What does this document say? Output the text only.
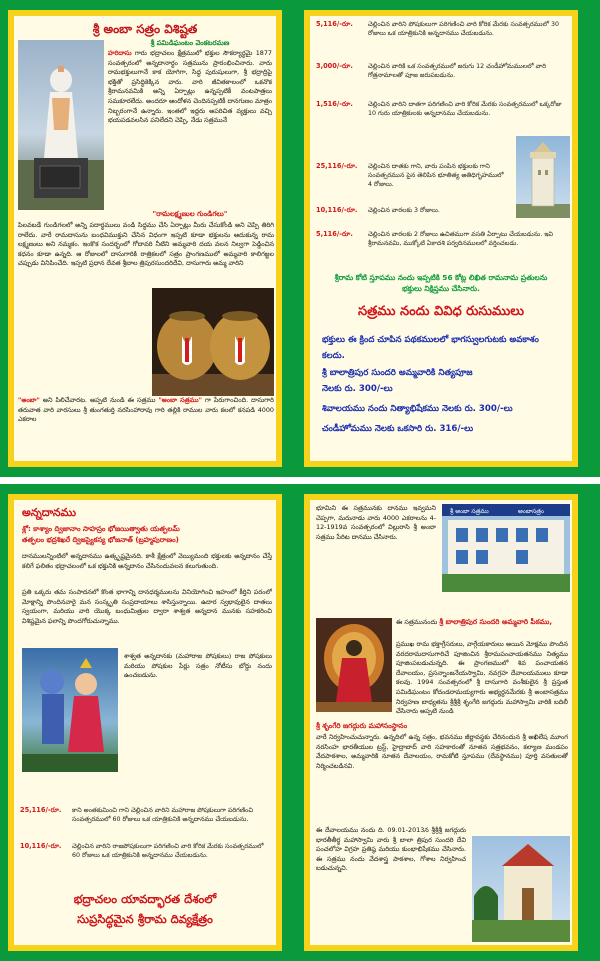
శ్రీ అంబా సత్రం విశిష్టత
శ్రీ పమిడిఘంటం వెంకటరమణ
హరిదాసు గారు భద్రాచలం క్షేత్రములో భక్తుల సౌకర్యార్థమై 1877 సంవత్సరంలో అన్నదానార్థం సత్రమును ప్రారంభించినారు. వారు రామభక్తులుగానే కాక యోగిగా, సిద్ధ పురుషులుగా, శ్రీ భద్రాద్రిపై భక్తితో ప్రసిద్ధికెక్కిన వారు. వారి జీవితకాలంలో ఒకనొక శ్రీరామనవమికి అన్ని ఏర్పాట్లు ఉన్నప్పటికీ వంటపాత్రలు సమకూరలేదు. అందరూ ఆందోళన చెందినప్పటికీ దానగుణం మాత్రం నిబ్బరంగానే ఉన్నారు. ఇంతలో ఇద్దరు అపరిచిత వ్యక్తులు వచ్చి భయపడవలసిన పనిలేదని చెప్పి, నేడు సత్రమునే
"రామలక్ష్మణుల గుండిగలు"
పిలవబడే గుండిగలలో అన్ని పదార్థములు వండి సిద్ధము చేసి ఏర్పాట్లు మీరు చేసుకోండి అని చెప్పి తిరిగి రాలేదు. వారే రామదాసును బంధవిముక్తుని చేసిన విధంగా ఇప్పటి కూడా భక్తులను ఆదుకున్న రామ లక్ష్మణులు అని నమ్మకం. ఇంకొక సందర్భంలో గోదావరి నీటిని అమ్మవారి దయ వలన నిల్వగా పెడ్డించిన కధనం కూడా ఉన్నది. ఆ రోజులలో దాసుగారికి రాత్రికలలో సత్రం ప్రాంగణములో అమ్మవారి కాలిగజ్జల చప్పుడు వినిపించేది. ఇప్పటి ప్రధాన దేవత శ్రీబాల త్రిపురసుందరిదేవి, దాసుగారు అమ్మ వారిని
"అంబా" అని పిలిచేవారట. అప్పటి నుండి ఈ సత్రము "అంబా సత్రము" గా పేరుగాంచింది. దాసుగారి తరువాత వారి వారసులు శ్రీ తుంగతుర్తి నరసింహారావు గారి తల్లికి రాముల వారు కలలో కనపడి 4000 ఎకరాల
5,116/-రూ. చెల్లించిన వారిని పోషకులుగా పరిగణించి వారి కోరిక మేరకు సంవత్సరములో 30 రోజులు ఒక యాత్రికునికి అన్నదానము చేయబడును.
3,000/-రూ. చెల్లించిన వారికి ఒక సంవత్సరములో జరుగు 12 చండీహోమములలో వారి గోత్రనామాలతో పూజ జరుపబడును.
1,516/-రూ. చెల్లించిన వారిని దాతగా పరిగణించి వారి కోరిక మేరకు సంవత్సరములో ఒక్కరోజు 10 గురు యాత్రికులకు అన్నదానము చేయబడును.
25,116/-రూ. చెల్లించిన దాతకు గాని, వారు పంపిన భక్తులకు గాని సంవత్సరమున పైన తెలిపిన భూతిత్య అతిధిగృహములో 4 రోజులు.
10,116/-రూ. చెల్లించిన వారలకు 3 రోజులు.
5,116/-రూ. చెల్లించిన వారలకు 2 రోజులు ఉచితముగా వసతి ఏర్పాటు చేయబడును. ఇవి శ్రీరామనవమి, ముక్కోటి ఏకాదశి పర్వదినములలో వర్తించబడు.
శ్రీరామ కోటి స్తూపము నందు ఇప్పటికి 56 కోట్ల లిఖిత రామనామ ప్రతులను భక్తులు నిక్షిప్తము చేసినారు.
సత్రము నందు వివిధ రుసుములు
భక్తులు ఈ క్రింద చూపిన పథకములలో భాగస్వులగుటకు అవకాశం కలదు.
శ్రీ బాలాత్రిపుర సుందరి అమ్మవారికి నిత్యపూజ
నెలకు రు. 300/-లు
శివాలయము నందు నిత్యాభిషేకము నెలకు రు. 300/-లు
చండీహోమము నెలకు ఒకసారి రు. 316/-లు
అన్నదానము
శ్లో: కాశ్యాం ద్విజానాం సాహస్రం భోజయిత్వాతు యత్ఫలమ్
తత్ఫలం భద్రశిఖరే ద్విజస్యైకస్య భోజనాత్ (బ్రహ్మపురాణం)
దానములన్నింటిలో అన్నదానము ఉత్కృష్టమైనది. కాశీ క్షేత్రంలో వెయ్యిమంది భక్తులకు అన్నదానం చేస్తే కలిగే ఫలితం భద్రాచలంలో ఒక భక్తునికి అన్నదానం చేసినందువలన కలుగుతుంది.
ప్రతి ఒక్కరు తమ సంపాదనలో కొంత భాగాన్ని దానధర్మములను వినియోగించి ఇహంలో కీర్తిని పరంలో మోక్షాన్ని పొందినవారై మన సంస్కృతి సంప్రదాయాలు శాసిస్తున్నాయి. ఉదార స్వభావులైన దాతలు స్వయంగా, మరియు వారి యొక్క బంధుమిత్రుల ద్వారా శాశ్వత అన్నదాన మునకు సహకరించి విశిష్టమైన ఫలాన్ని పొందగోరుచున్నాము.
శాశ్వత అన్నదానకు (మహారాజ పోషకులు) రాజ పోషకులు మరియు పోషకుల పేర్లు సత్రం నోటీసు బోర్డు నందు ఉంచబడును.
25,116/-రూ. కాని అంతకుమించి గాని చెల్లించిన వారిని మహారాజ పోషకులుగా పరిగణించి సంవత్సరములో 60 రోజులు ఒక యాత్రికునికి అన్నదానము చేయబడును.
10,116/-రూ. చెల్లించిన వారిని రాజపోషకులుగా పరిగణించి వారి కోరిక మేరకు సంవత్సరములో 60 రోజులు ఒక యాత్రికునికి అన్నదానము చేయబడును.
భద్రాచలం యావద్భారత దేశంలో
సుప్రసిద్ధమైన శ్రీరామ దివ్యక్షేత్రం
భూమిని ఈ సత్రమునకు దానము ఇవ్వమని చెప్పగా, మరునాడు వారు 4000 ఎకరాలను 4-12-1919వ సంవత్సరంలో విల్లురాసి శ్రీ అంబా సత్రము పేరిట దానము చేసినారు.
శ్రీ అంబా సత్రము	అంబాసత్రం
ఈ సత్రమునందు శ్రీ బాలాత్రిపుర సుందరి అమ్మవారి పీఠము,
ప్రముఖ రామ భక్తాగ్రేసరులు, వాగ్గేయకారులు అయిన మోక్షము పొందిన వరదరామదాసుగారిచే పూజించిన శ్రీరామపంచాయతనము నిత్యము పూజింపబడుచున్నది. ఈ ప్రాంగణములో శివ పంచాయతన దేవాలయం, ప్రసన్నాంజనేయస్వామి, నవగ్రహ దేవాలయములు కూడా కలవు. 1994 సంవత్సరంలో శ్రీ దాసుగారి వంశీకులైన శ్రీ ప్రస్తుత పమిడిఘంటం కోదండరామయ్యగారు అభ్యర్థనమేరకు శ్రీ అంబాసత్రము నిర్వహణ బాధ్యతను శ్రీశ్రీశ్రీ శృంగేరి జగద్గురు మహాస్వామి వారికి బదిలీ చేసినారు అప్పటి నుండి
శ్రీ శృంగేరి జగద్గురు మహాసంస్థానం
వారే నిర్వహించుచున్నారు. ఉన్నదిలో ఉన్న సత్రం, భవనము జీర్ణావస్థకు చేరినందున శ్రీ అఖిలేష మూంగ నరసింహ భారతీయుల ట్రస్ట్, హైద్రాబాద్ వారి సహకారంతో నూతన సత్రభవనం, కల్యాణ మండపం వేదపాఠశాల, అమ్మవారికి నూతన దేవాలయం, రామకోటి స్తూపము (దేవస్థానము) పూర్తి వసతులతో నిర్మించబడినవి.
ఈ దేవాలయము నందు ది. 09.01-2013న శ్రీశ్రీశ్రీ జగద్గురు భారతీతీర్థ మహాస్వామి వారు శ్రీ బాలా త్రిపుర సుందరి దేవి పంచలోహ విగ్రహ ప్రతిష్ఠ మరియు కుంభాభిషేకము చేసినారు. ఈ సత్రము నందు వేదశాస్త్ర పాఠశాల, గోశాల నిర్వహించ బడుచున్నవి.
